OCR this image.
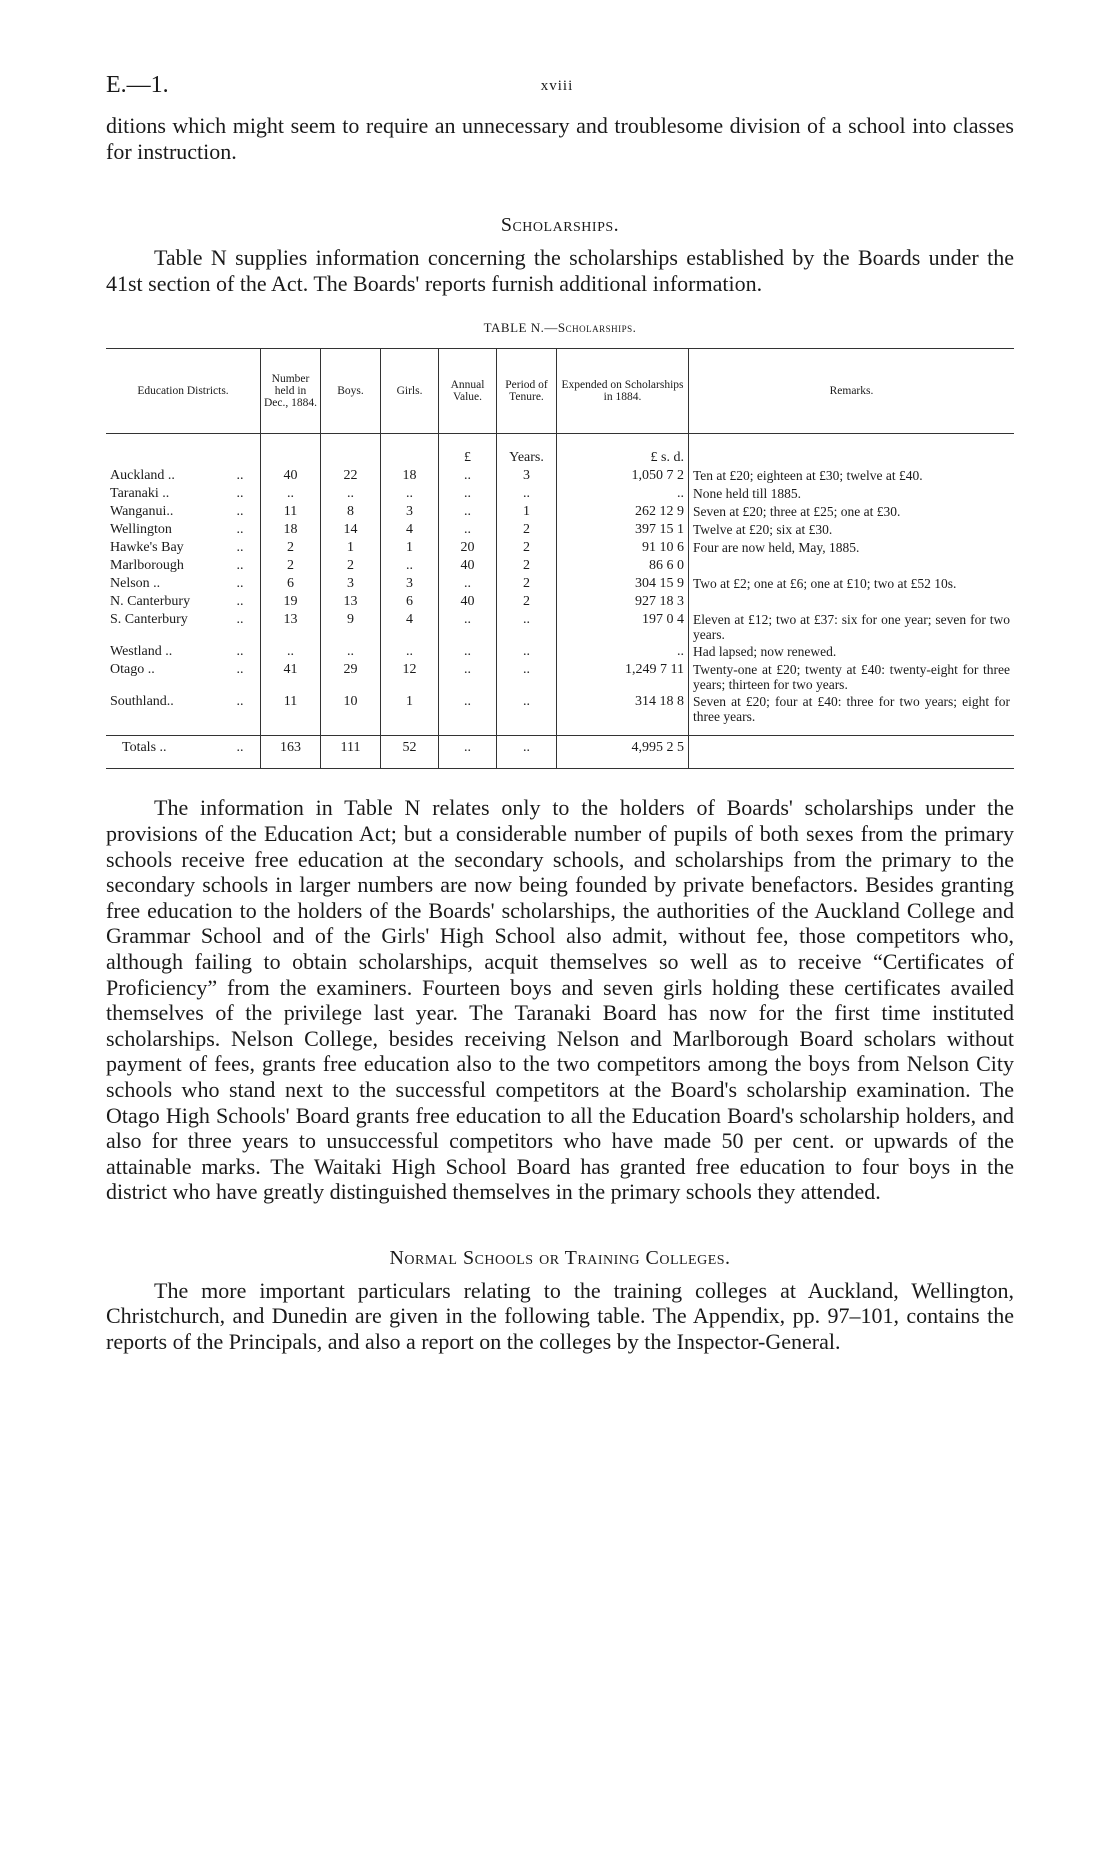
E.—1.	xviii

ditions which might seem to require an unnecessary and troublesome division of a school into classes for instruction.

Scholarships.

Table N supplies information concerning the scholarships established by the Boards under the 41st section of the Act. The Boards' reports furnish additional information.

TABLE N.—Scholarships.
Education Districts.	Number held in Dec., 1884.	Boys.	Girls.	Annual Value.	Period of Tenure.	Expended on Scholarships in 1884.	Remarks.
				£	Years.	£ s. d.	
Auckland .. ..	40	22	18	..	3	1,050 7 2	Ten at £20; eighteen at £30; twelve at £40.
Taranaki .. ..	..	..	..	..	..	..	None held till 1885.
Wanganui.. ..	11	8	3	..	1	262 12 9	Seven at £20; three at £25; one at £30.
Wellington ..	18	14	4	..	2	397 15 1	Twelve at £20; six at £30.
Hawke's Bay ..	2	1	1	20	2	91 10 6	Four are now held, May, 1885.
Marlborough ..	2	2	..	40	2	86 6 0	
Nelson .. ..	6	3	3	..	2	304 15 9	Two at £2; one at £6; one at £10; two at £52 10s.
N. Canterbury ..	19	13	6	40	2	927 18 3	
S. Canterbury ..	13	9	4	..	..	197 0 4	Eleven at £12; two at £37: six for one year; seven for two years.
Westland .. ..	..	..	..	..	..	..	Had lapsed; now renewed.
Otago .. ..	41	29	12	..	..	1,249 7 11	Twenty-one at £20; twenty at £40: twenty-eight for three years; thirteen for two years.
Southland.. ..	11	10	1	..	..	314 18 8	Seven at £20; four at £40: three for two years; eight for three years.

Totals .. ..	163	111	52	..	..	4,995 2 5	

The information in Table N relates only to the holders of Boards' scholarships under the provisions of the Education Act; but a considerable number of pupils of both sexes from the primary schools receive free education at the secondary schools, and scholarships from the primary to the secondary schools in larger numbers are now being founded by private benefactors. Besides granting free education to the holders of the Boards' scholarships, the authorities of the Auckland College and Grammar School and of the Girls' High School also admit, without fee, those competitors who, although failing to obtain scholarships, acquit themselves so well as to receive “Certificates of Proficiency” from the examiners. Fourteen boys and seven girls holding these certificates availed themselves of the privilege last year. The Taranaki Board has now for the first time instituted scholarships. Nelson College, besides receiving Nelson and Marlborough Board scholars without payment of fees, grants free education also to the two competitors among the boys from Nelson City schools who stand next to the successful competitors at the Board's scholarship examination. The Otago High Schools' Board grants free education to all the Education Board's scholarship holders, and also for three years to unsuccessful competitors who have made 50 per cent. or upwards of the attainable marks. The Waitaki High School Board has granted free education to four boys in the district who have greatly distinguished themselves in the primary schools they attended.

Normal Schools or Training Colleges.

The more important particulars relating to the training colleges at Auckland, Wellington, Christchurch, and Dunedin are given in the following table. The Appendix, pp. 97–101, contains the reports of the Principals, and also a report on the colleges by the Inspector-General.
